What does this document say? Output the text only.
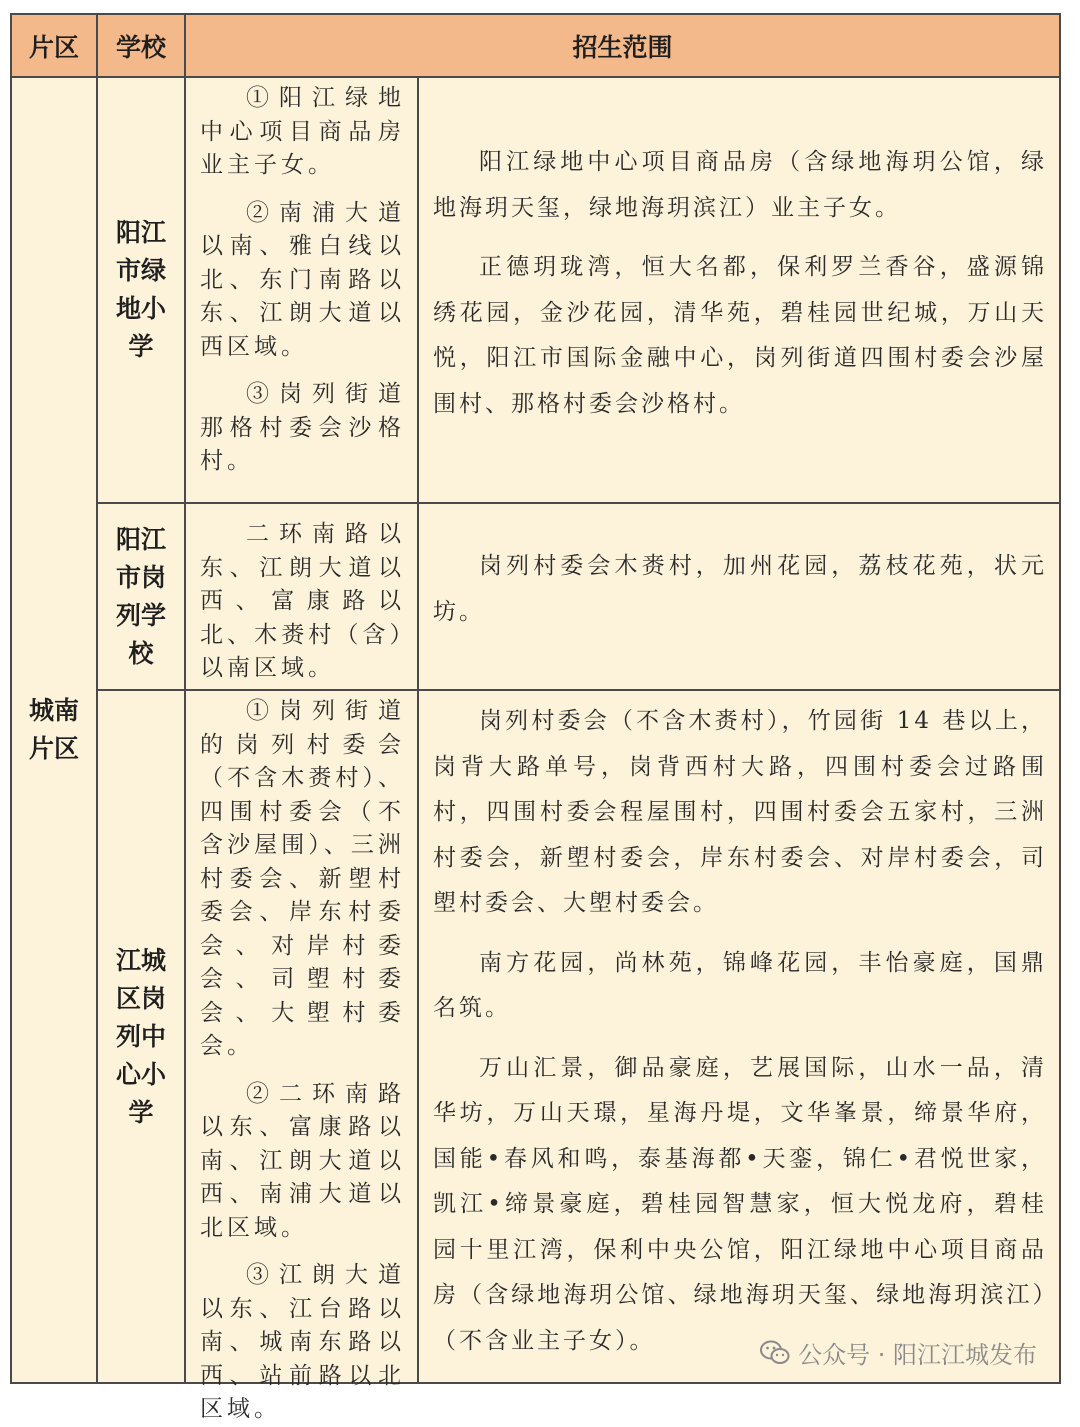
片区	学校	招生范围
城南片区
阳江市绿地小学

①阳江绿地中心项目商品房业主子女。

②南浦大道以南、雅白线以北、东门南路以东、江朗大道以西区域。

③岗列街道那格村委会沙格村。

阳江绿地中心项目商品房（含绿地海玥公馆，绿地海玥天玺，绿地海玥滨江）业主子女。

正德玥珑湾，恒大名都，保利罗兰香谷，盛源锦绣花园，金沙花园，清华苑，碧桂园世纪城，万山天悦，阳江市国际金融中心，岗列街道四围村委会沙屋围村、那格村委会沙格村。

阳江市岗列学校

二环南路以东、江朗大道以西、富康路以北、木赉村（含）以南区域。

岗列村委会木赉村，加州花园，荔枝花苑，状元坊。

江城区岗列中心小学

①岗列街道的岗列村委会（不含木赉村）、四围村委会（不含沙屋围）、三洲村委会、新塱村委会、岸东村委会、对岸村委会、司塱村委会、大塱村委会。

②二环南路以东、富康路以南、江朗大道以西、南浦大道以北区域。

③江朗大道以东、江台路以南、城南东路以西、站前路以北区域。

岗列村委会（不含木赉村），竹园街 14 巷以上，岗背大路单号，岗背西村大路，四围村委会过路围村，四围村委会程屋围村，四围村委会五家村，三洲村委会，新塱村委会，岸东村委会、对岸村委会，司塱村委会、大塱村委会。

南方花园，尚林苑，锦峰花园，丰怡豪庭，国鼎名筑。

万山汇景，御品豪庭，艺展国际，山水一品，清华坊，万山天璟，星海丹堤，文华峯景，缔景华府，国能•春风和鸣，泰基海都•天銮，锦仁•君悦世家，凯江•缔景豪庭，碧桂园智慧家，恒大悦龙府，碧桂园十里江湾，保利中央公馆，阳江绿地中心项目商品房（含绿地海玥公馆、绿地海玥天玺、绿地海玥滨江）（不含业主子女）。

公众号 · 阳江江城发布
